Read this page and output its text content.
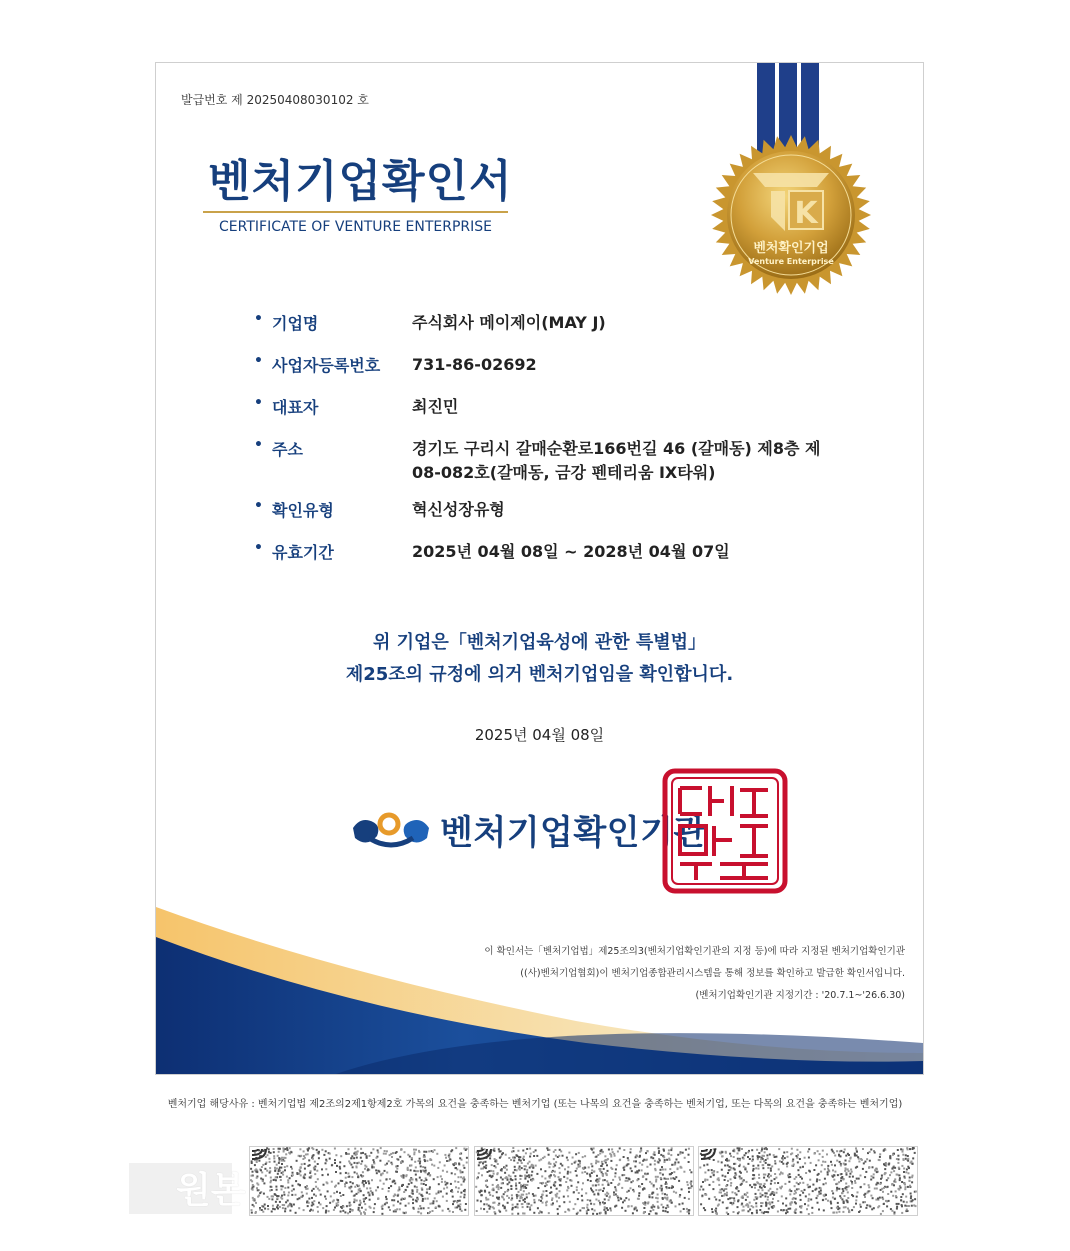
발급번호 제 20250408030102 호
벤처기업확인서
CERTIFICATE OF VENTURE ENTERPRISE	K
벤처확인기업
Venture Enterprise
• 기업명	주식회사 메이제이(MAY J)
• 사업자등록번호 731-86-02692
• 대표자	최진민
• 주소	경기도 구리시 갈매순환로166번길 46 (갈매동) 제8층 제08-082호(갈매동, 금강 펜테리움 IX타워)
• 확인유형	혁신성장유형
• 유효기간	2025년 04월 08일 ~ 2028년 04월 07일
위 기업은「벤처기업육성에 관한 특별법」
제25조의 규정에 의거 벤처기업임을 확인합니다.
2025년 04월 08일
벤처기업확인기관
이 확인서는「벤처기업법」제25조의3(벤처기업확인기관의 지정 등)에 따라 지정된 벤처기업확인기관
((사)벤처기업협회)이 벤처기업종합관리시스템을 통해 정보를 확인하고 발급한 확인서입니다.
(벤처기업확인기관 지정기간 : '20.7.1~'26.6.30)
벤처기업 해당사유 : 벤처기업법 제2조의2제1항제2호 가목의 요건을 충족하는 벤처기업 (또는 나목의 요건을 충족하는 벤처기업, 또는 다목의 요건을 충족하는 벤처기업)
원본
